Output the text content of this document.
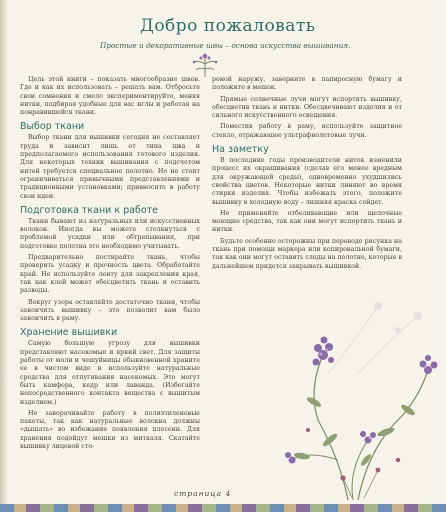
Добро пожаловать
Простые и декоративные швы – основа искусства вышивания.

Цель этой книги – показать многообразие швов. Где и как их использовать – решать вам. Отбросьте свои сомнения и смело экспериментируйте, меняя нитки, подбирая удобные для вас иглы и работая на понравившейся ткани.

Выбор ткани

Выбор ткани для вышивки сегодня не составляет труда и зависит лишь от типа шва и предполагаемого использования готового изделия. Для некоторых техник вышивания с подсчетом нитей требуется специальное полотно. Но не стоит ограничиваться привычными представлениями и традиционными установками; привносите в работу свои идеи.

Подготовка ткани к работе

Ткани бывают из натуральных или искусственных волокон. Иногда вы можете столкнуться с проблемой усадки или обтрепывания, при подготовке полотна это необходимо учитывать.

Предварительно постирайте ткань, чтобы проверить усадку и прочность цвета. Обработайте край. Не используйте ленту для закрепления края, так как клей может обесцветить ткань и оставить разводы.

Вокруг узора оставляйте достаточно ткани, чтобы закончить вышивку – это позволит вам было закончить в раму.

Хранение вышивки

Самую большую угрозу для вышивки представляют насекомые и яркий свет. Для защиты работы от моли и чешуйницы обыкновенной храните ее в чистом виде и используйте натуральные средства для отпугивания насекомых. Это могут быть камфора, кедр или лаванда. (Избегайте непосредственного контакта вещества с вышитым изделием.)

Не заворачивайте работу в полиэтиленовые пакеты, так как натуральные волокна должны «дышать» во избежание появления плесени. Для хранения подойдут мешки из миткаля. Скатайте вышивку лицевой сто-

роной наружу, заверните в папиросную бумагу и положите в мешок.

Прямые солнечные лучи могут испортить вышивку, обесцветив ткань и нитки. Обесцвечивают изделия и от сильного искусственного освещения.

Поместив работу в раму, используйте защитное стекло, отражающее ультрафиолетовые лучи.

На заметку

В последние годы производители ниток изменили процесс их окрашивания (сделав его менее вредным для окружающей среды), одновременно ухудшились свойства цветов. Некоторые нитки линяют во время стирки изделия. Чтобы избежать этого, положите вышивку в холодную воду – лишняя краска сойдет.

Не применяйте отбеливающие или щелочные моющие средства, так как они могут испортить ткань и нитки.

Будьте особенно осторожны при переводе рисунка на ткань при помощи маркера или копировальной бумаги, так как они могут оставить следы на полотне, которые в дальнейшем придется закрывать вышивкой.

страница 4
